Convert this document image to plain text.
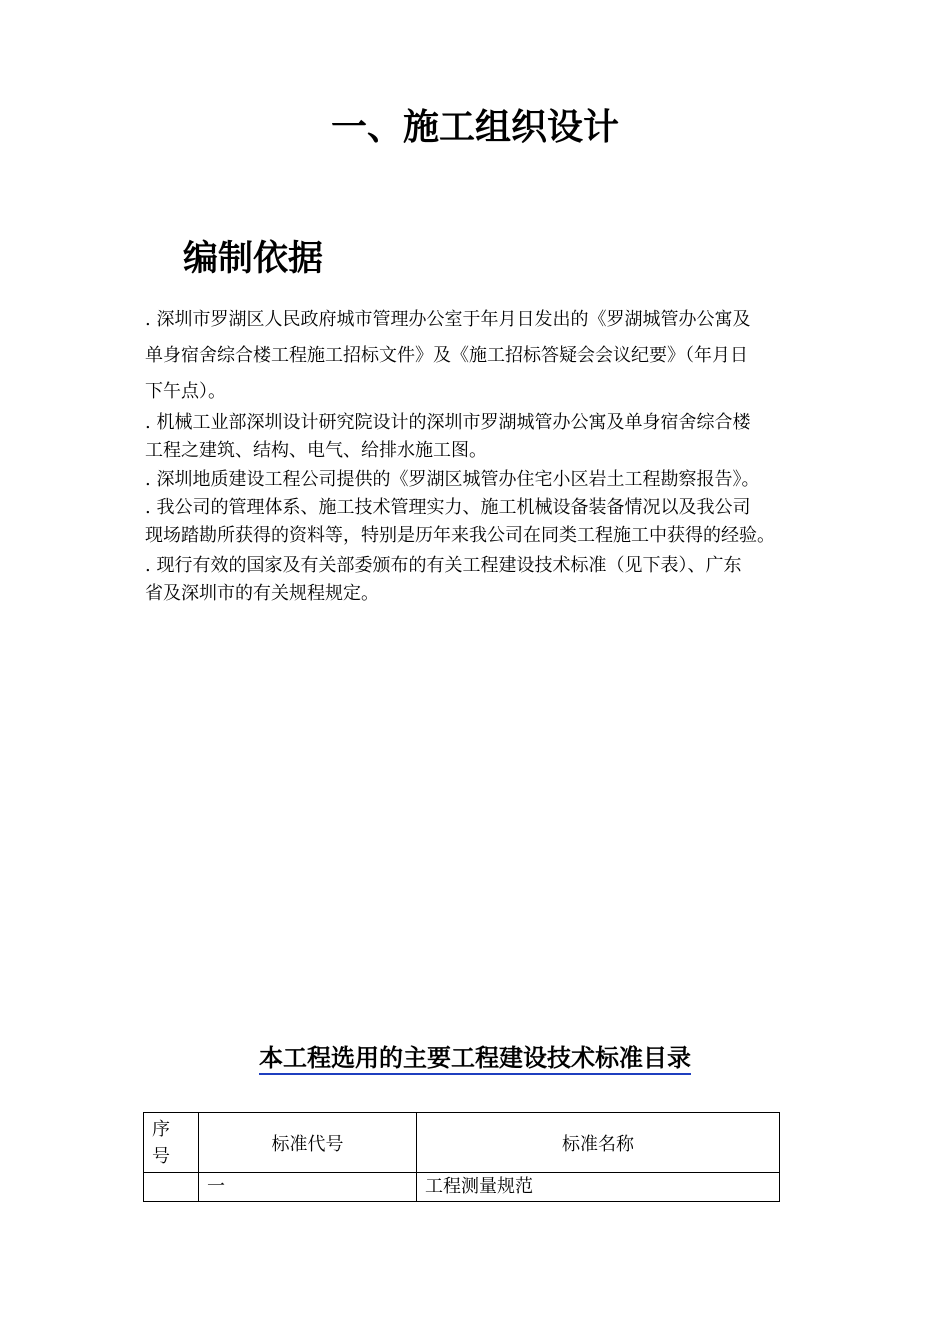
一、施工组织设计
编制依据

. 深圳市罗湖区人民政府城市管理办公室于年月日发出的《罗湖城管办公寓及
单身宿舍综合楼工程施工招标文件》及《施工招标答疑会会议纪要》（年月日
下午点）。

. 机械工业部深圳设计研究院设计的深圳市罗湖城管办公寓及单身宿舍综合楼
工程之建筑、结构、电气、给排水施工图。

. 深圳地质建设工程公司提供的《罗湖区城管办住宅小区岩土工程勘察报告》。

. 我公司的管理体系、施工技术管理实力、施工机械设备装备情况以及我公司
现场踏勘所获得的资料等，特别是历年来我公司在同类工程施工中获得的经验。

. 现行有效的国家及有关部委颁布的有关工程建设技术标准（见下表）、广东
省及深圳市的有关规程规定。

本工程选用的主要工程建设技术标准目录
序
号	标准代号	标准名称
	一	工程测量规范
